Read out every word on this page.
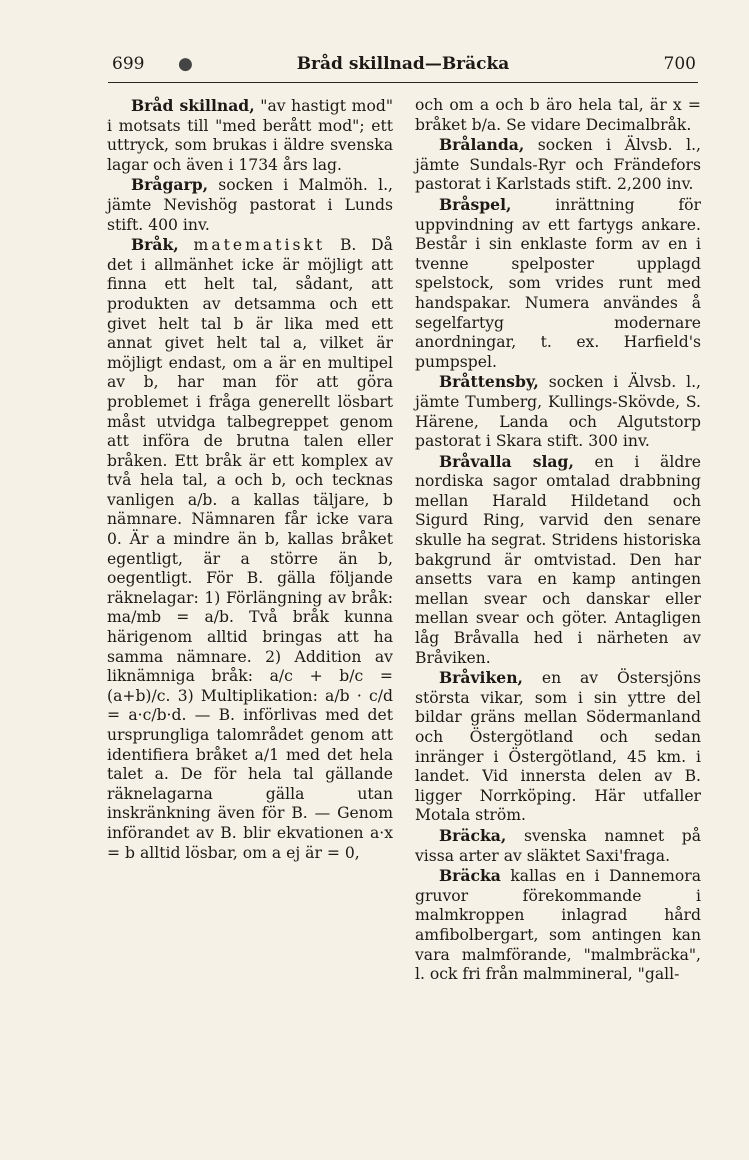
699 ●	Bråd skillnad—Bräcka	700

Bråd skillnad, "av hastigt mod" i motsats till "med berått mod"; ett uttryck, som brukas i äldre svenska lagar och även i 1734 års lag.

Brågarp, socken i Malmöh. l., jämte Nevishög pastorat i Lunds stift. 400 inv.

Bråk, matematiskt B. Då det i allmänhet icke är möjligt att finna ett helt tal, sådant, att produkten av detsamma och ett givet helt tal b är lika med ett annat givet helt tal a, vilket är möjligt endast, om a är en multipel av b, har man för att göra problemet i fråga generellt lösbart måst utvidga talbegreppet genom att införa de brutna talen eller bråken. Ett bråk är ett komplex av två hela tal, a och b, och tecknas vanligen a/b. a kallas täljare, b nämnare. Nämnaren får icke vara 0. Är a mindre än b, kallas bråket egentligt, är a större än b, oegentligt. För B. gälla följande räknelagar: 1) Förlängning av bråk: ma/mb = a/b. Två bråk kunna härigenom alltid bringas att ha samma nämnare. 2) Addition av liknämniga bråk: a/c + b/c = (a+b)/c. 3) Multiplikation: a/b · c/d = a·c/b·d. — B. införlivas med det ursprungliga talområdet genom att identifiera bråket a/1 med det hela talet a. De för hela tal gällande räknelagarna gälla utan inskränkning även för B. — Genom införandet av B. blir ekvationen a·x = b alltid lösbar, om a ej är = 0,

och om a och b äro hela tal, är x = bråket b/a. Se vidare Decimalbråk.

Brålanda, socken i Älvsb. l., jämte Sundals-Ryr och Frändefors pastorat i Karlstads stift. 2,200 inv.

Bråspel, inrättning för uppvindning av ett fartygs ankare. Består i sin enklaste form av en i tvenne spelposter upplagd spelstock, som vrides runt med handspakar. Numera användes å segelfartyg modernare anordningar, t. ex. Harfield's pumpspel.

Bråttensby, socken i Älvsb. l., jämte Tumberg, Kullings-Skövde, S. Härene, Landa och Algutstorp pastorat i Skara stift. 300 inv.

Bråvalla slag, en i äldre nordiska sagor omtalad drabbning mellan Harald Hildetand och Sigurd Ring, varvid den senare skulle ha segrat. Stridens historiska bakgrund är omtvistad. Den har ansetts vara en kamp antingen mellan svear och danskar eller mellan svear och göter. Antagligen låg Bråvalla hed i närheten av Bråviken.

Bråviken, en av Östersjöns största vikar, som i sin yttre del bildar gräns mellan Södermanland och Östergötland och sedan inränger i Östergötland, 45 km. i landet. Vid innersta delen av B. ligger Norrköping. Här utfaller Motala ström.

Bräcka, svenska namnet på vissa arter av släktet Saxi'fraga.

Bräcka kallas en i Dannemora gruvor förekommande i malmkroppen inlagrad hård amfibolbergart, som antingen kan vara malmförande, "malmbräcka", l. ock fri från malmmineral, "gall-
